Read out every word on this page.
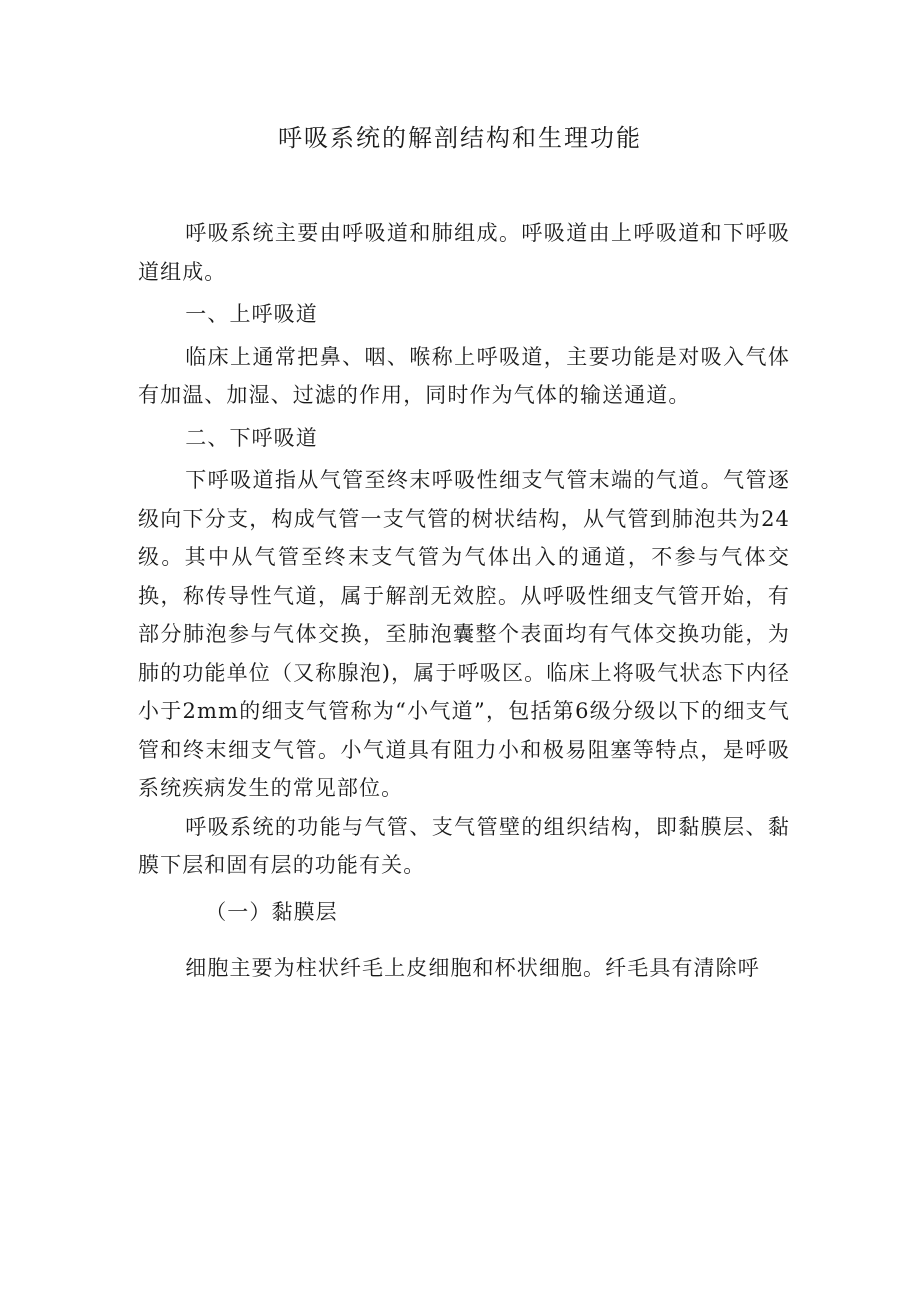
呼吸系统的解剖结构和生理功能

呼吸系统主要由呼吸道和肺组成。呼吸道由上呼吸道和下呼吸道组成。

一、上呼吸道

临床上通常把鼻、咽、喉称上呼吸道，主要功能是对吸入气体有加温、加湿、过滤的作用，同时作为气体的输送通道。

二、下呼吸道

下呼吸道指从气管至终末呼吸性细支气管末端的气道。气管逐级向下分支，构成气管一支气管的树状结构，从气管到肺泡共为24级。其中从气管至终末支气管为气体出入的通道，不参与气体交换，称传导性气道，属于解剖无效腔。从呼吸性细支气管开始，有部分肺泡参与气体交换，至肺泡囊整个表面均有气体交换功能，为肺的功能单位（又称腺泡)，属于呼吸区。临床上将吸气状态下内径小于2mm的细支气管称为“小气道”，包括第6级分级以下的细支气管和终末细支气管。小气道具有阻力小和极易阻塞等特点，是呼吸系统疾病发生的常见部位。

呼吸系统的功能与气管、支气管壁的组织结构，即黏膜层、黏膜下层和固有层的功能有关。

（一）黏膜层

细胞主要为柱状纤毛上皮细胞和杯状细胞。纤毛具有清除呼
